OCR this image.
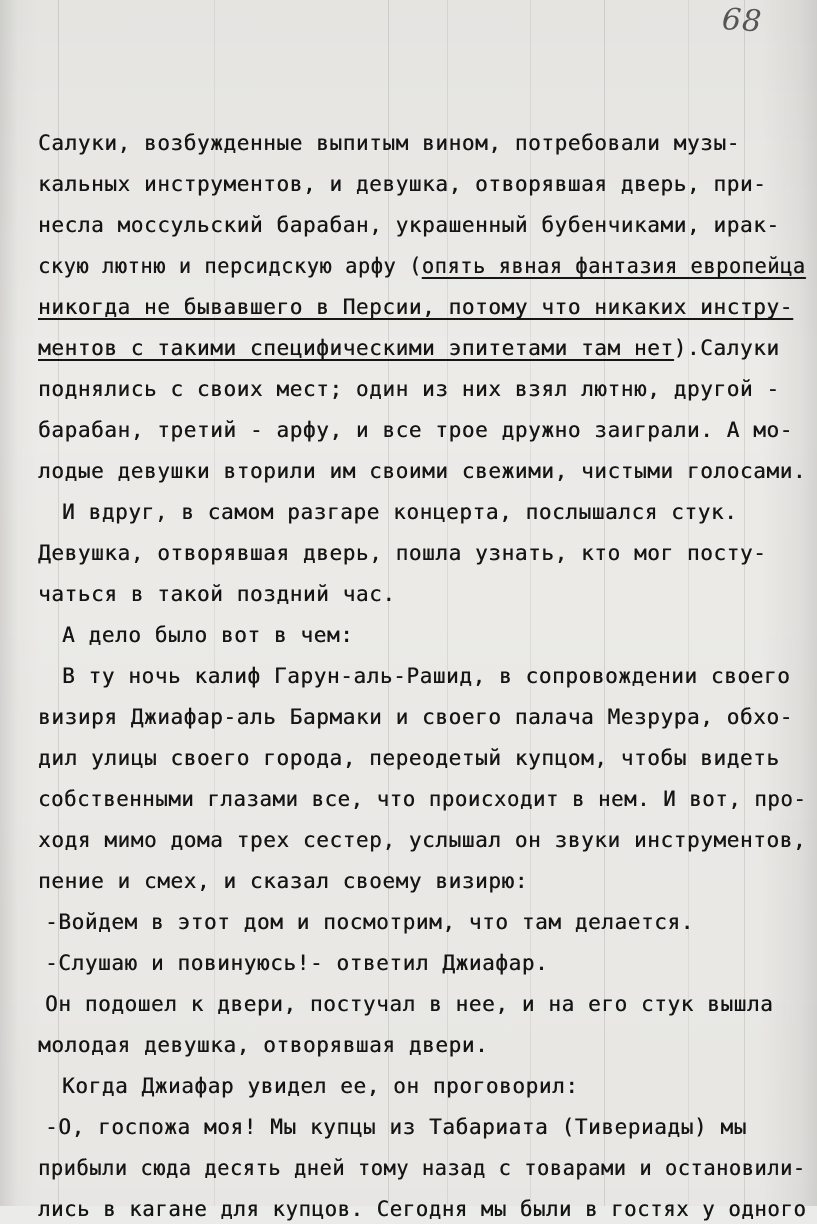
68
Салуки, возбужденные выпитым вином, потребовали музы-
кальных инструментов, и девушка, отворявшая дверь, при-
несла моссульский барабан, украшенный бубенчиками, ирак-
скую лютню и персидскую арфу (опять явная фантазия европейца
никогда не бывавшего в Персии, потому что никаких инстру-
ментов с такими специфическими эпитетами там нет).Салуки
поднялись с своих мест; один из них взял лютню, другой -
барабан, третий - арфу, и все трое дружно заиграли. А мо-
лодые девушки вторили им своими свежими, чистыми голосами.
И вдруг, в самом разгаре концерта, послышался стук.
Девушка, отворявшая дверь, пошла узнать, кто мог посту-
чаться в такой поздний час.
А дело было вот в чем:
В ту ночь калиф Гарун-аль-Рашид, в сопровождении своего
визиря Джиафар-аль Бармаки и своего палача Мезрура, обхо-
дил улицы своего города, переодетый купцом, чтобы видеть
собственными глазами все, что происходит в нем. И вот, про-
ходя мимо дома трех сестер, услышал он звуки инструментов,
пение и смех, и сказал своему визирю:
-Войдем в этот дом и посмотрим, что там делается.
-Слушаю и повинуюсь!- ответил Джиафар.
Он подошел к двери, постучал в нее, и на его стук вышла
молодая девушка, отворявшая двери.
Когда Джиафар увидел ее, он проговорил:
-О, госпожа моя! Мы купцы из Табариата (Тивериады) мы
прибыли сюда десять дней тому назад с товарами и остановили-
лись в кагане для купцов. Сегодня мы были в гостях у одного
